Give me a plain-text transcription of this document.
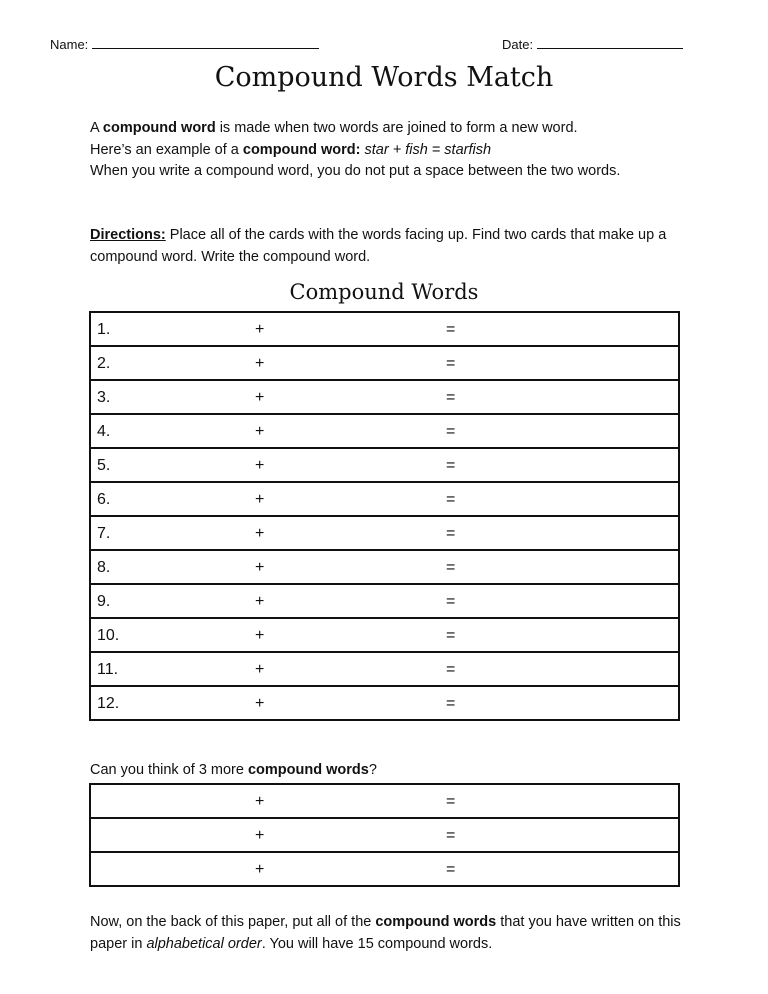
Name:	Date:
Compound Words Match
A compound word is made when two words are joined to form a new word.
Here’s an example of a compound word: star + fish = starfish
When you write a compound word, you do not put a space between the two words.
Directions: Place all of the cards with the words facing up. Find two cards that make up a compound word. Write the compound word.
Compound Words
1.	+	=

2.	+	=

3.	+	=

4.	+	=

5.	+	=

6.	+	=

7.	+	=

8.	+	=

9.	+	=

10.	+	=

11.	+	=

12.	+	=
Can you think of 3 more compound words?
+	=

+	=

+	=
Now, on the back of this paper, put all of the compound words that you have written on this paper in alphabetical order. You will have 15 compound words.
